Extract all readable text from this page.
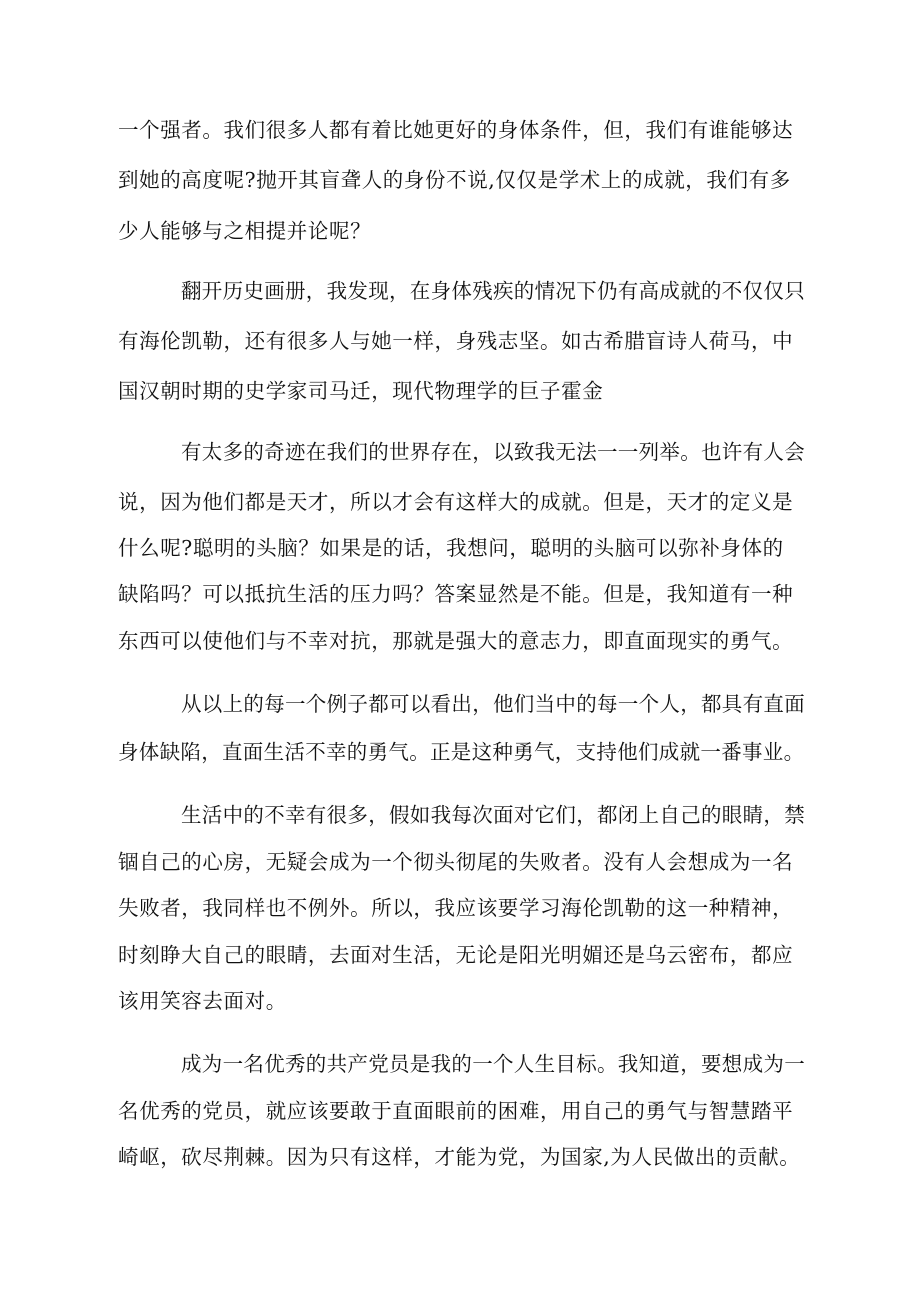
一个强者。我们很多人都有着比她更好的身体条件，但，我们有谁能够达
到她的高度呢?抛开其盲聋人的身份不说,仅仅是学术上的成就，我们有多
少人能够与之相提并论呢？
翻开历史画册，我发现，在身体残疾的情况下仍有高成就的不仅仅只
有海伦凯勒，还有很多人与她一样，身残志坚。如古希腊盲诗人荷马，中
国汉朝时期的史学家司马迁，现代物理学的巨子霍金
有太多的奇迹在我们的世界存在，以致我无法一一列举。也许有人会
说，因为他们都是天才，所以才会有这样大的成就。但是，天才的定义是
什么呢?聪明的头脑？如果是的话，我想问，聪明的头脑可以弥补身体的
缺陷吗？可以抵抗生活的压力吗？答案显然是不能。但是，我知道有一种
东西可以使他们与不幸对抗，那就是强大的意志力，即直面现实的勇气。
从以上的每一个例子都可以看出，他们当中的每一个人，都具有直面
身体缺陷，直面生活不幸的勇气。正是这种勇气，支持他们成就一番事业。
生活中的不幸有很多，假如我每次面对它们，都闭上自己的眼睛，禁
锢自己的心房，无疑会成为一个彻头彻尾的失败者。没有人会想成为一名
失败者，我同样也不例外。所以，我应该要学习海伦凯勒的这一种精神，
时刻睁大自己的眼睛，去面对生活，无论是阳光明媚还是乌云密布，都应
该用笑容去面对。
成为一名优秀的共产党员是我的一个人生目标。我知道，要想成为一
名优秀的党员，就应该要敢于直面眼前的困难，用自己的勇气与智慧踏平
崎岖，砍尽荆棘。因为只有这样，才能为党，为国家,为人民做出的贡献。
